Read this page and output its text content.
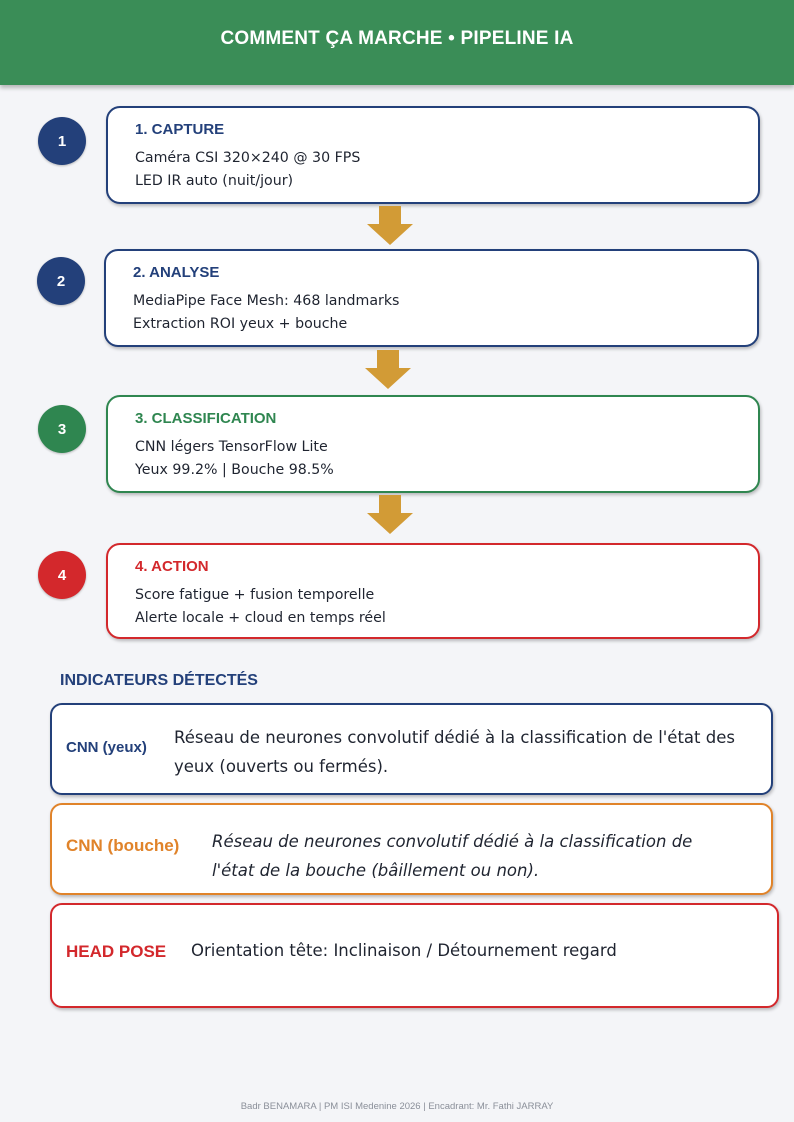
COMMENT ÇA MARCHE • PIPELINE IA
1
1. CAPTURE
Caméra CSI 320×240 @ 30 FPS
LED IR auto (nuit/jour)
2	2. ANALYSE
MediaPipe Face Mesh: 468 landmarks
Extraction ROI yeux + bouche
3
3. CLASSIFICATION
CNN légers TensorFlow Lite
Yeux 99.2% | Bouche 98.5%
4	4. ACTION
Score fatigue + fusion temporelle
Alerte locale + cloud en temps réel
INDICATEURS DÉTECTÉS
CNN (yeux)
Réseau de neurones convolutif dédié à la classification de l'état des yeux (ouverts ou fermés).
CNN (bouche) Réseau de neurones convolutif dédié à la classification de l'état de la bouche (bâillement ou non).
HEAD POSE Orientation tête: Inclinaison / Détournement regard
Badr BENAMARA | PM ISI Medenine 2026 | Encadrant: Mr. Fathi JARRAY
